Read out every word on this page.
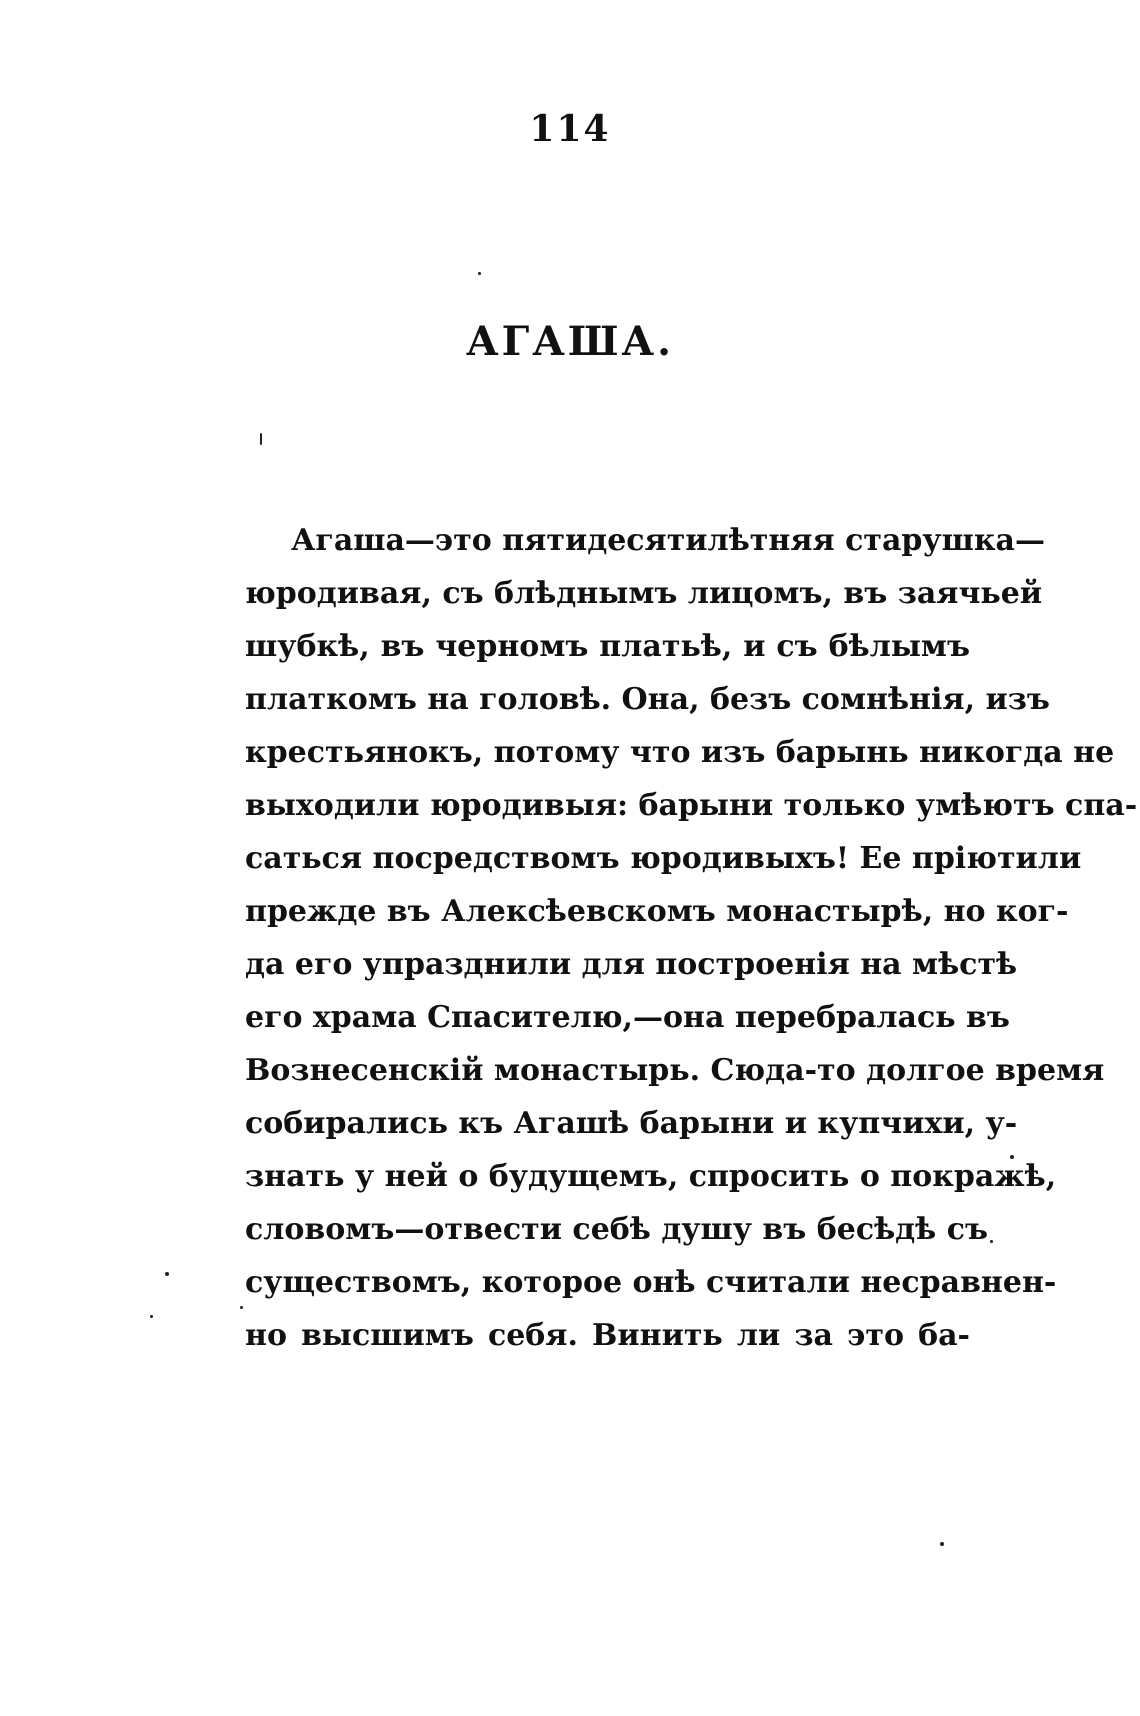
114
АГАША.
Агаша—это пятидесятилѣтняя старушка—
юродивая, съ блѣднымъ лицомъ, въ заячьей
шубкѣ, въ черномъ платьѣ, и съ бѣлымъ
платкомъ на головѣ. Она, безъ сомнѣнія, изъ
крестьянокъ, потому что изъ барынь никогда не
выходили юродивыя: барыни только умѣютъ спа-
саться посредствомъ юродивыхъ! Ее пріютили
прежде въ Алексѣевскомъ монастырѣ, но ког-
да его упразднили для построенія на мѣстѣ
его храма Спасителю,—она перебралась въ
Вознесенскій монастырь. Сюда-то долгое время
собирались къ Агашѣ барыни и купчихи, у-
знать у ней о будущемъ, спросить о покражѣ,
словомъ—отвести себѣ душу въ бесѣдѣ съ
существомъ, которое онѣ считали несравнен-
но высшимъ себя. Винить ли за это ба-
